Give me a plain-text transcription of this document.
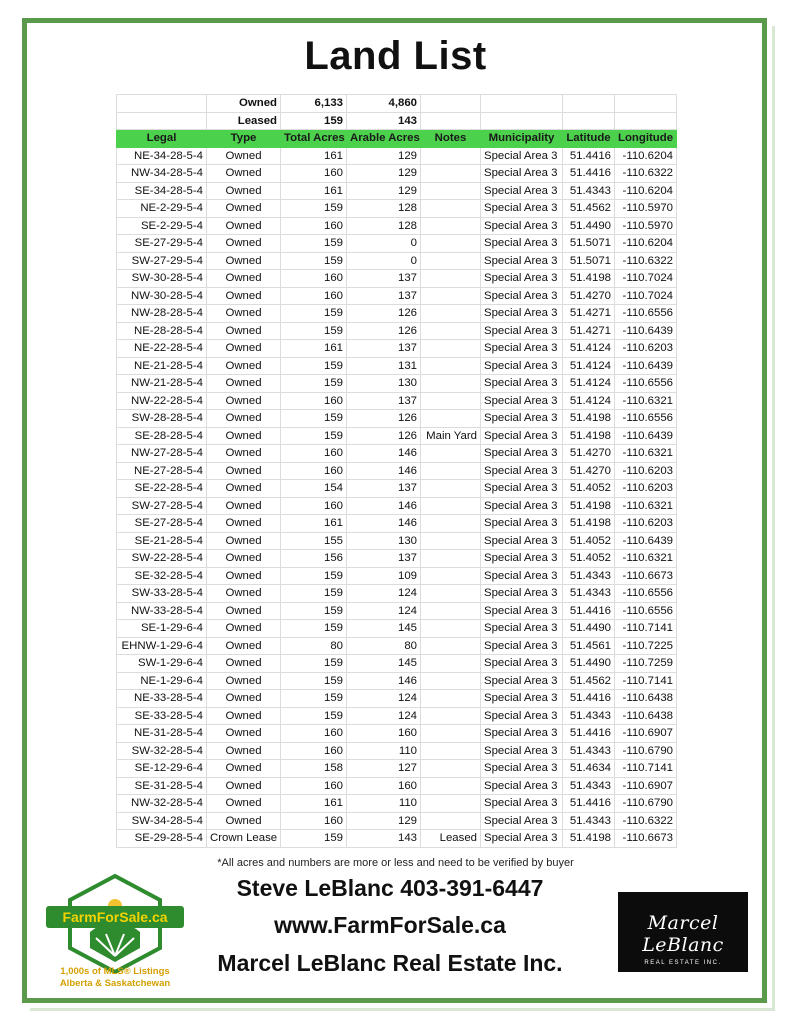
Land List
	Owned	6,133	4,860				
	Leased	159	143				
Legal	Type	Total Acres	Arable Acres	Notes	Municipality	Latitude	Longitude
NE-34-28-5-4	Owned	161	129		Special Area 3	51.4416	-110.6204
NW-34-28-5-4	Owned	160	129		Special Area 3	51.4416	-110.6322
SE-34-28-5-4	Owned	161	129		Special Area 3	51.4343	-110.6204
NE-2-29-5-4	Owned	159	128		Special Area 3	51.4562	-110.5970
SE-2-29-5-4	Owned	160	128		Special Area 3	51.4490	-110.5970
SE-27-29-5-4	Owned	159	0		Special Area 3	51.5071	-110.6204
SW-27-29-5-4	Owned	159	0		Special Area 3	51.5071	-110.6322
SW-30-28-5-4	Owned	160	137		Special Area 3	51.4198	-110.7024
NW-30-28-5-4	Owned	160	137		Special Area 3	51.4270	-110.7024
NW-28-28-5-4	Owned	159	126		Special Area 3	51.4271	-110.6556
NE-28-28-5-4	Owned	159	126		Special Area 3	51.4271	-110.6439
NE-22-28-5-4	Owned	161	137		Special Area 3	51.4124	-110.6203
NE-21-28-5-4	Owned	159	131		Special Area 3	51.4124	-110.6439
NW-21-28-5-4	Owned	159	130		Special Area 3	51.4124	-110.6556
NW-22-28-5-4	Owned	160	137		Special Area 3	51.4124	-110.6321
SW-28-28-5-4	Owned	159	126		Special Area 3	51.4198	-110.6556
SE-28-28-5-4	Owned	159	126	Main Yard	Special Area 3	51.4198	-110.6439
NW-27-28-5-4	Owned	160	146		Special Area 3	51.4270	-110.6321
NE-27-28-5-4	Owned	160	146		Special Area 3	51.4270	-110.6203
SE-22-28-5-4	Owned	154	137		Special Area 3	51.4052	-110.6203
SW-27-28-5-4	Owned	160	146		Special Area 3	51.4198	-110.6321
SE-27-28-5-4	Owned	161	146		Special Area 3	51.4198	-110.6203
SE-21-28-5-4	Owned	155	130		Special Area 3	51.4052	-110.6439
SW-22-28-5-4	Owned	156	137		Special Area 3	51.4052	-110.6321
SE-32-28-5-4	Owned	159	109		Special Area 3	51.4343	-110.6673
SW-33-28-5-4	Owned	159	124		Special Area 3	51.4343	-110.6556
NW-33-28-5-4	Owned	159	124		Special Area 3	51.4416	-110.6556
SE-1-29-6-4	Owned	159	145		Special Area 3	51.4490	-110.7141
EHNW-1-29-6-4	Owned	80	80		Special Area 3	51.4561	-110.7225
SW-1-29-6-4	Owned	159	145		Special Area 3	51.4490	-110.7259
NE-1-29-6-4	Owned	159	146		Special Area 3	51.4562	-110.7141
NE-33-28-5-4	Owned	159	124		Special Area 3	51.4416	-110.6438
SE-33-28-5-4	Owned	159	124		Special Area 3	51.4343	-110.6438
NE-31-28-5-4	Owned	160	160		Special Area 3	51.4416	-110.6907
SW-32-28-5-4	Owned	160	110		Special Area 3	51.4343	-110.6790
SE-12-29-6-4	Owned	158	127		Special Area 3	51.4634	-110.7141
SE-31-28-5-4	Owned	160	160		Special Area 3	51.4343	-110.6907
NW-32-28-5-4	Owned	161	110		Special Area 3	51.4416	-110.6790
SW-34-28-5-4	Owned	160	129		Special Area 3	51.4343	-110.6322
SE-29-28-5-4	Crown Lease	159	143	Leased	Special Area 3	51.4198	-110.6673
*All acres and numbers are more or less and need to be verified by buyer
FarmForSale.ca
1,000s of MLS® Listings
Alberta & Saskatchewan
Steve LeBlanc 403-391-6447
www.FarmForSale.ca
Marcel LeBlanc Real Estate Inc.
Marcel LeBlanc
REAL ESTATE INC.
